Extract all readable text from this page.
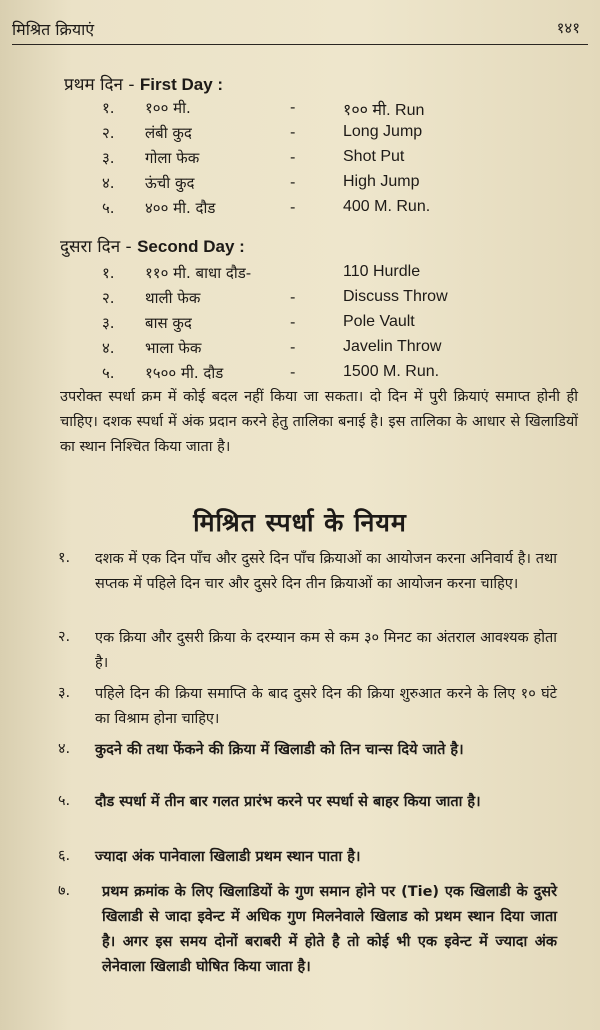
मिश्रित क्रियाएं	१४१
प्रथम दिन - First Day :
१. १०० मी.	-	१०० मी. Run
२. लंबी कुद	-	Long Jump
३. गोला फेक	-	Shot Put
४. ऊंची कुद	-	High Jump
५. ४०० मी. दौड	-	400 M. Run.
दुसरा दिन - Second Day :
१. ११० मी. बाधा दौड-	110 Hurdle
२. थाली फेक	-	Discuss Throw
३. बास कुद	-	Pole Vault
४. भाला फेक	-	Javelin Throw
५. १५०० मी. दौड	-	1500 M. Run.
उपरोक्त स्पर्धा क्रम में कोई बदल नहीं किया जा सकता। दो दिन में पुरी क्रियाएं समाप्त होनी ही चाहिए। दशक स्पर्धा में अंक प्रदान करने हेतु तालिका बनाई है। इस तालिका के आधार से खिलाडियों का स्थान निश्चित किया जाता है।
मिश्रित स्पर्धा के नियम
१. दशक में एक दिन पाँच और दुसरे दिन पाँच क्रियाओं का आयोजन करना अनिवार्य है। तथा सप्तक में पहिले दिन चार और दुसरे दिन तीन क्रियाओं का आयोजन करना चाहिए।
२. एक क्रिया और दुसरी क्रिया के दरम्यान कम से कम ३० मिनट का अंतराल आवश्यक होता है।
३. पहिले दिन की क्रिया समाप्ति के बाद दुसरे दिन की क्रिया शुरुआत करने के लिए १० घंटे का विश्राम होना चाहिए।
४. कुदने की तथा फेंकने की क्रिया में खिलाडी को तिन चान्स दिये जाते है।
५. दौड स्पर्धा में तीन बार गलत प्रारंभ करने पर स्पर्धा से बाहर किया जाता है।
६. ज्यादा अंक पानेवाला खिलाडी प्रथम स्थान पाता है।
७. प्रथम क्रमांक के लिए खिलाडियों के गुण समान होने पर (Tie) एक खिलाडी के दुसरे खिलाडी से जादा इवेन्ट में अधिक गुण मिलनेवाले खिलाड को प्रथम स्थान दिया जाता है। अगर इस समय दोनों बराबरी में होते है तो कोई भी एक इवेन्ट में ज्यादा अंक लेनेवाला खिलाडी घोषित किया जाता है।
